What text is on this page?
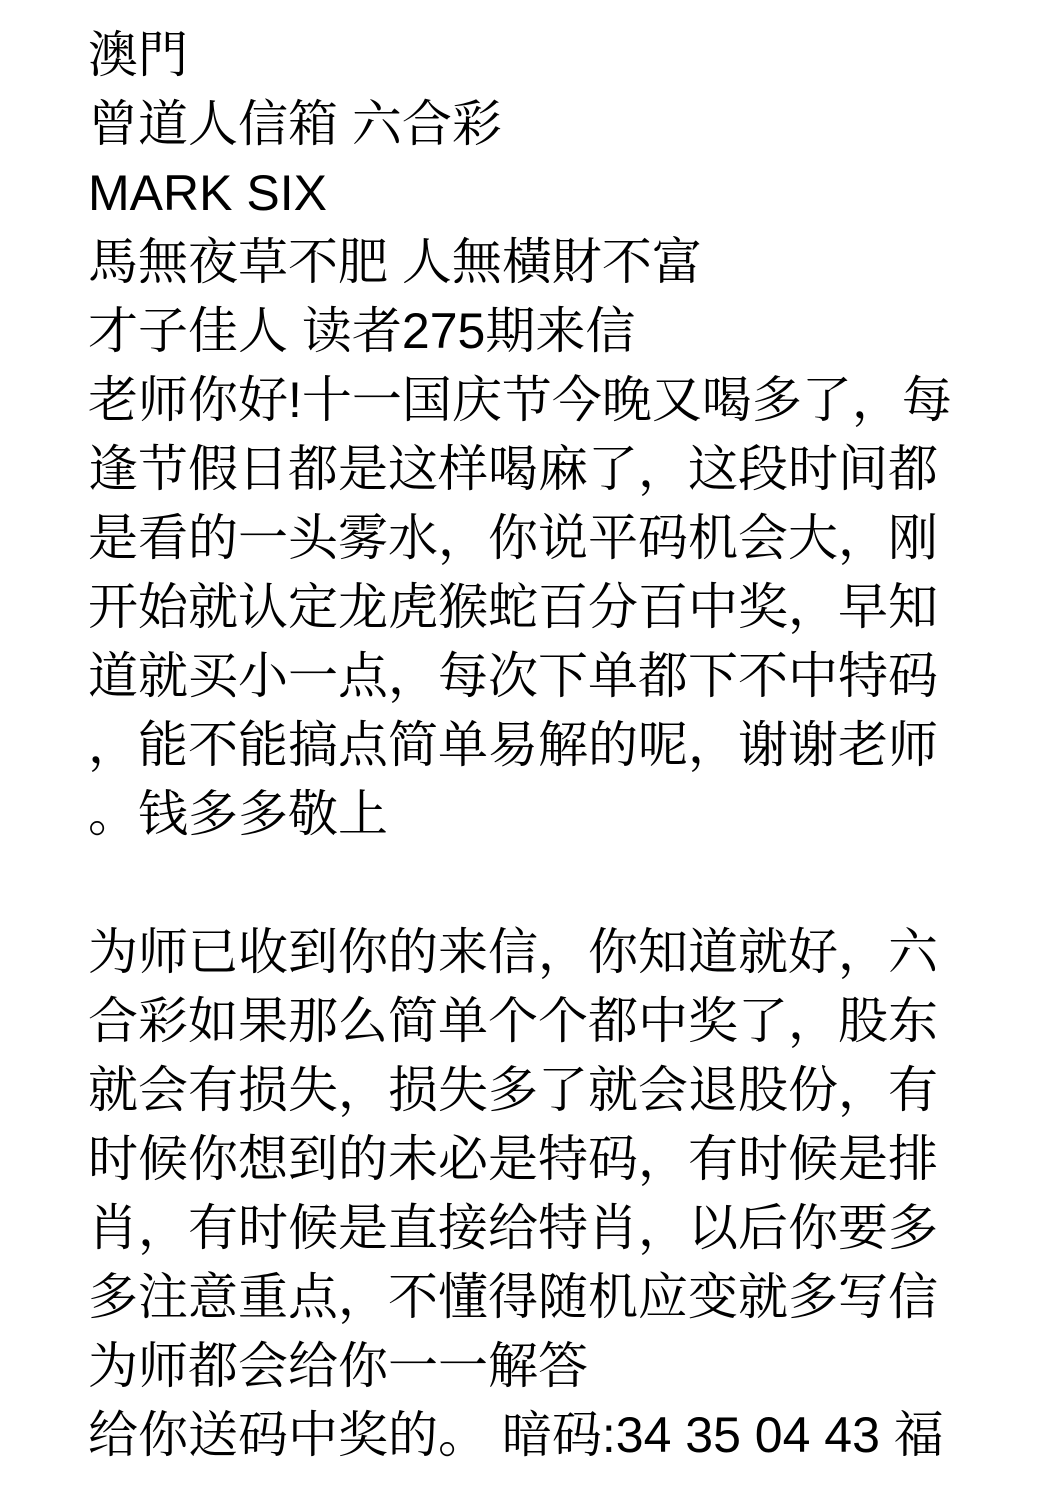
澳門
曾道人信箱 六合彩
MARK SIX
馬無夜草不肥 人無橫財不富
才子佳人 读者275期来信
老师你好!十一国庆节今晚又喝多了，每
逢节假日都是这样喝麻了，这段时间都
是看的一头雾水，你说平码机会大，刚
开始就认定龙虎猴蛇百分百中奖，早知
道就买小一点，每次下单都下不中特码
，能不能搞点简单易解的呢，谢谢老师
。钱多多敬上
为师已收到你的来信，你知道就好，六
合彩如果那么简单个个都中奖了，股东
就会有损失，损失多了就会退股份，有
时候你想到的未必是特码，有时候是排
肖，有时候是直接给特肖，以后你要多
多注意重点，不懂得随机应变就多写信
为师都会给你一一解答
给你送码中奖的。 暗码:34 35 04 43 福
